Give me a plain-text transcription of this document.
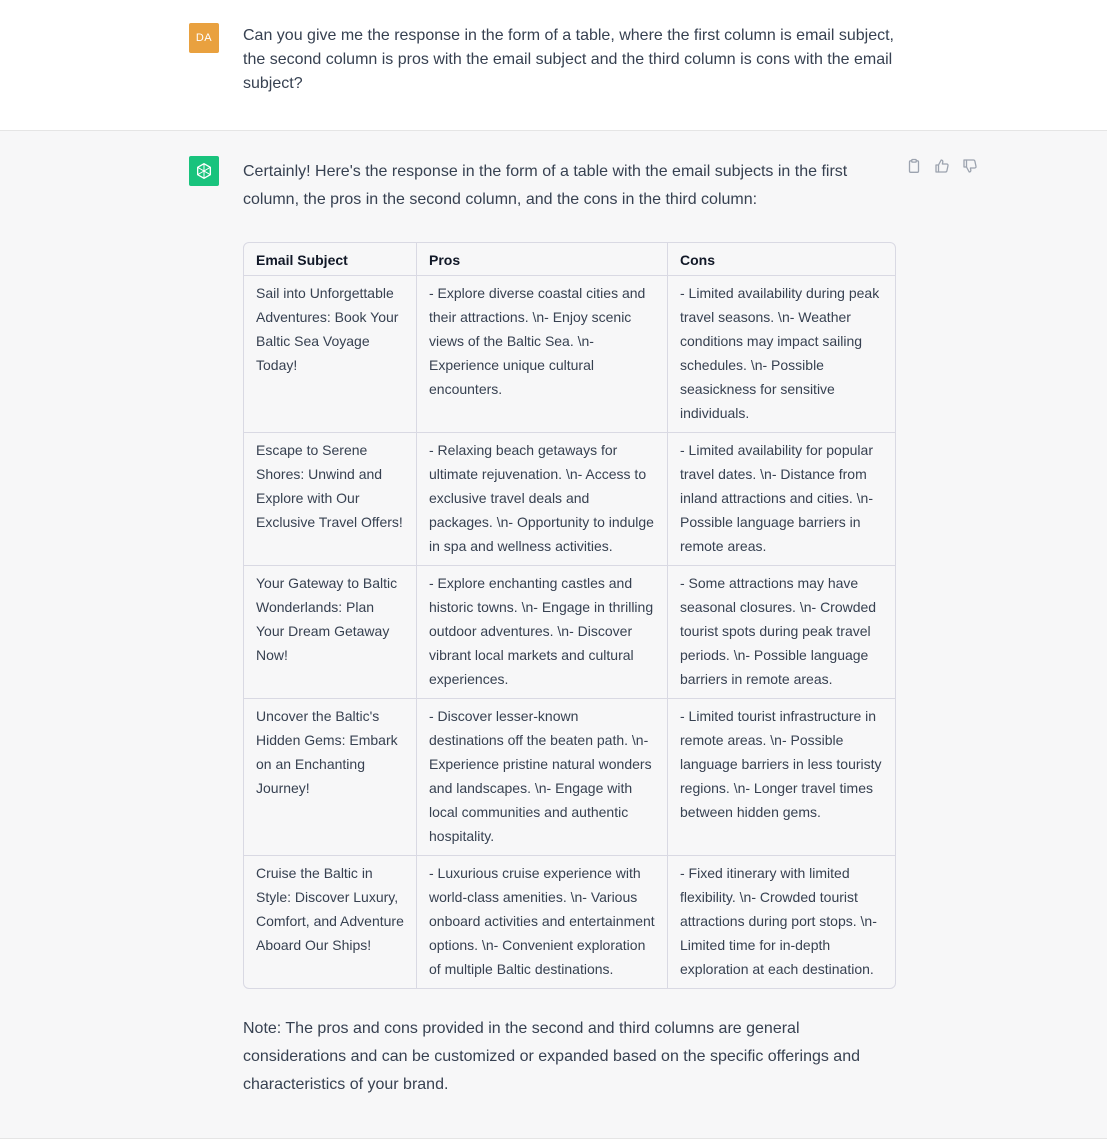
DA	Can you give me the response in the form of a table, where the first column is email subject, the second column is pros with the email subject and the third column is cons with the email subject?

Certainly! Here's the response in the form of a table with the email subjects in the first column, the pros in the second column, and the cons in the third column:

Email Subject	Pros	Cons
Sail into Unforgettable Adventures: Book Your Baltic Sea Voyage Today!	- Explore diverse coastal cities and their attractions. \n- Enjoy scenic views of the Baltic Sea. \n- Experience unique cultural encounters.	- Limited availability during peak travel seasons. \n- Weather conditions may impact sailing schedules. \n- Possible seasickness for sensitive individuals.
Escape to Serene Shores: Unwind and Explore with Our Exclusive Travel Offers!	- Relaxing beach getaways for ultimate rejuvenation. \n- Access to exclusive travel deals and packages. \n- Opportunity to indulge in spa and wellness activities.	- Limited availability for popular travel dates. \n- Distance from inland attractions and cities. \n- Possible language barriers in remote areas.
Your Gateway to Baltic Wonderlands: Plan Your Dream Getaway Now!	- Explore enchanting castles and historic towns. \n- Engage in thrilling outdoor adventures. \n- Discover vibrant local markets and cultural experiences.	- Some attractions may have seasonal closures. \n- Crowded tourist spots during peak travel periods. \n- Possible language barriers in remote areas.
Uncover the Baltic's Hidden Gems: Embark on an Enchanting Journey!	- Discover lesser-known destinations off the beaten path. \n- Experience pristine natural wonders and landscapes. \n- Engage with local communities and authentic hospitality.	- Limited tourist infrastructure in remote areas. \n- Possible language barriers in less touristy regions. \n- Longer travel times between hidden gems.
Cruise the Baltic in Style: Discover Luxury, Comfort, and Adventure Aboard Our Ships!	- Luxurious cruise experience with world-class amenities. \n- Various onboard activities and entertainment options. \n- Convenient exploration of multiple Baltic destinations.	- Fixed itinerary with limited flexibility. \n- Crowded tourist attractions during port stops. \n- Limited time for in-depth exploration at each destination.

Note: The pros and cons provided in the second and third columns are general considerations and can be customized or expanded based on the specific offerings and characteristics of your brand.
